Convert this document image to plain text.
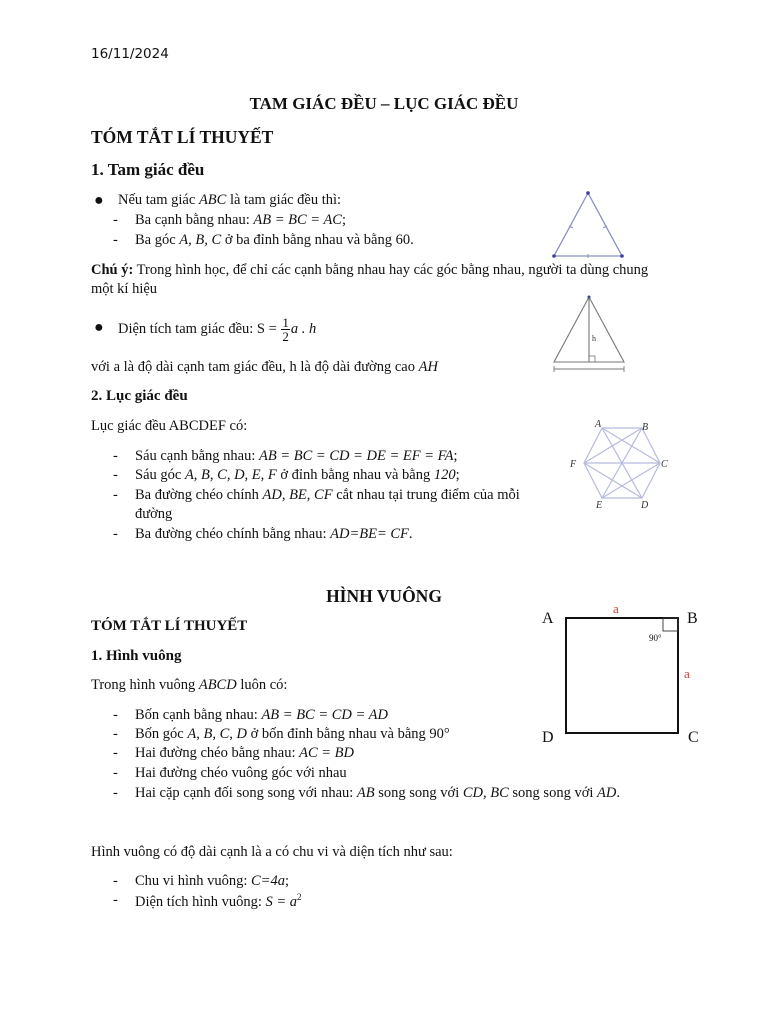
16/11/2024
TAM GIÁC ĐỀU – LỤC GIÁC ĐỀU
TÓM TẮT LÍ THUYẾT
1. Tam giác đều
● Nếu tam giác ABC là tam giác đều thì:
- Ba cạnh bằng nhau: AB = BC = AC;
- Ba góc A, B, C ở ba đỉnh bằng nhau và bằng 60.
Chú ý: Trong hình học, để chỉ các cạnh bằng nhau hay các góc bằng nhau, người ta dùng chung
một kí hiệu
● Diện tích tam giác đều: $S = \frac{1}{2}$ a . h
với a là độ dài cạnh tam giác đều, h là độ dài đường cao AH
2. Lục giác đều
Lục giác đều ABCDEF có:
- Sáu cạnh bằng nhau: AB = BC = CD = DE = EF = FA;
- Sáu góc A, B, C, D, E, F ở đỉnh bằng nhau và bằng 120;
- Ba đường chéo chính AD, BE, CF cắt nhau tại trung điểm của mỗi
đường
- Ba đường chéo chính bằng nhau: AD=BE= CF.
h
A	B
C
D
E
F
HÌNH VUÔNG
TÓM TẮT LÍ THUYẾT
1. Hình vuông
Trong hình vuông ABCD luôn có:
- Bốn cạnh bằng nhau: AB = BC = CD = AD
- Bốn góc A, B, C, D ở bốn đỉnh bằng nhau và bằng 90°
- Hai đường chéo bằng nhau: AC = BD
- Hai đường chéo vuông góc với nhau
- Hai cặp cạnh đối song song với nhau: AB song song với CD, BC song song với AD.
Hình vuông có độ dài cạnh là a có chu vi và diện tích như sau:
- Chu vi hình vuông: C=4a;
- Diện tích hình vuông: $S = a^2$
A	B
C
D
a
a
90°
